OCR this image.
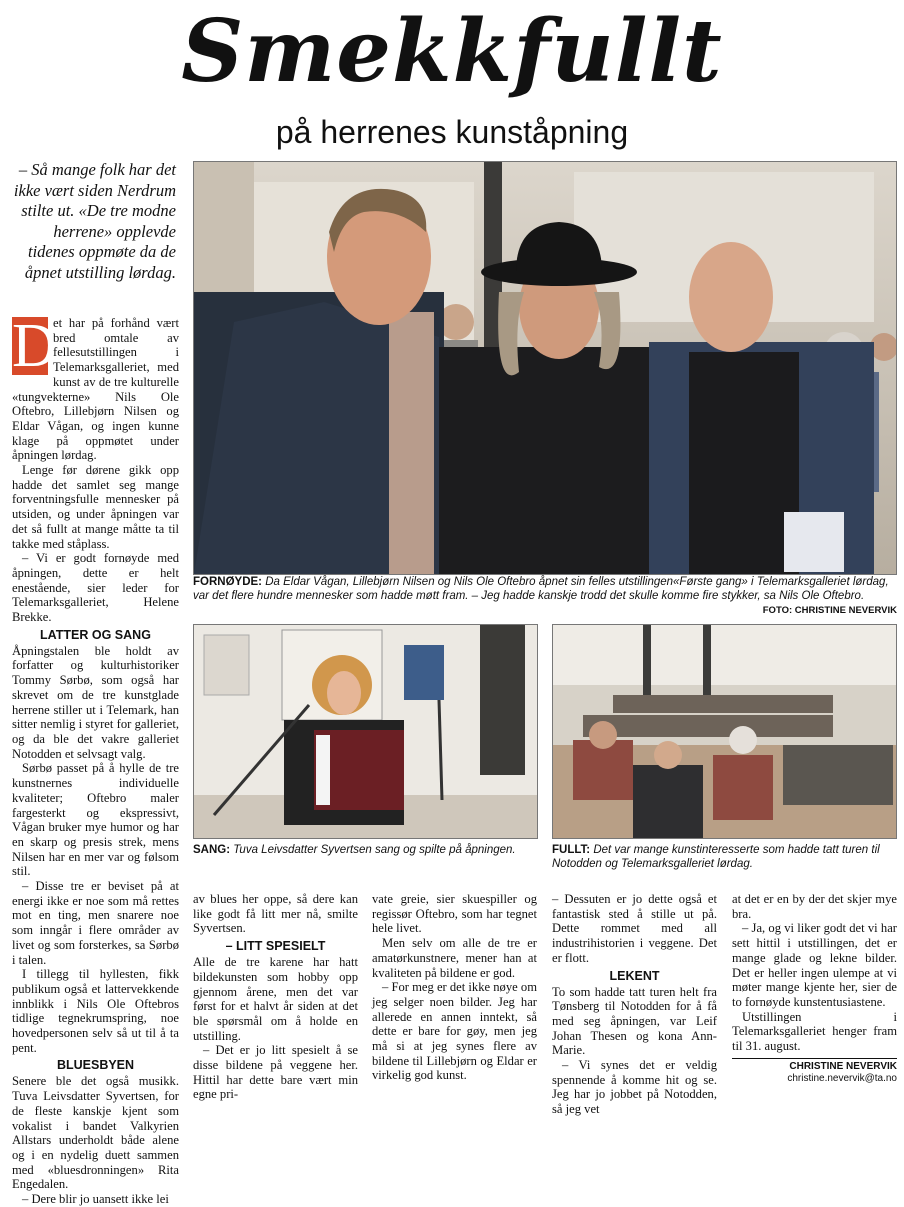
Smekkfullt
på herrenes kunståpning
– Så mange folk har det ikke vært siden Nerdrum stilte ut. «De tre modne herrene» opplevde tidenes oppmøte da de åpnet utstilling lørdag.
FORNØYDE: Da Eldar Vågan, Lillebjørn Nilsen og Nils Ole Oftebro åpnet sin felles utstillingen«Første gang» i Telemarksgalleriet lørdag, var det flere hundre mennesker som hadde møtt fram. – Jeg hadde kanskje trodd det skulle komme fire stykker, sa Nils Ole Oftebro.
FOTO: CHRISTINE NEVERVIK
SANG: Tuva Leivsdatter Syvertsen sang og spilte på åpningen.	FULLT: Det var mange kunstinteresserte som hadde tatt turen til Notodden og Telemarksgalleriet lørdag.

D
et har på forhånd vært bred omtale av fellesutstillingen i Telemarksgalleriet, med kunst av de tre kulturelle «tungvekterne» Nils Ole Oftebro, Lillebjørn Nilsen og Eldar Vågan, og ingen kunne klage på oppmøtet under åpningen lørdag.

Lenge før dørene gikk opp hadde det samlet seg mange forventningsfulle mennesker på utsiden, og under åpningen var det så fullt at mange måtte ta til takke med ståplass.

– Vi er godt fornøyde med åpningen, dette er helt enestående, sier leder for Telemarksgalleriet, Helene Brekke.

LATTER OG SANG

Åpningstalen ble holdt av forfatter og kulturhistoriker Tommy Sørbø, som også har skrevet om de tre kunstglade herrene stiller ut i Telemark, han sitter nemlig i styret for galleriet, og da ble det vakre galleriet Notodden et selvsagt valg.

Sørbø passet på å hylle de tre kunstnernes individuelle kvaliteter; Oftebro maler fargesterkt og ekspressivt, Vågan bruker mye humor og har en skarp og presis strek, mens Nilsen har en mer var og følsom stil.

– Disse tre er beviset på at energi ikke er noe som må rettes mot en ting, men snarere noe som inngår i flere områder av livet og som forsterkes, sa Sørbø i talen.

I tillegg til hyllesten, fikk publikum også et lattervekkende innblikk i Nils Ole Oftebros tidlige tegnekrumspring, noe hovedpersonen selv så ut til å ta pent.

BLUESBYEN

Senere ble det også musikk. Tuva Leivsdatter Syvertsen, for de fleste kanskje kjent som vokalist i bandet Valkyrien Allstars underholdt både alene og i en nydelig duett sammen med «bluesdronningen» Rita Engedalen.

– Dere blir jo uansett ikke lei

av blues her oppe, så dere kan like godt få litt mer nå, smilte Syvertsen.

– LITT SPESIELT

Alle de tre karene har hatt bildekunsten som hobby opp gjennom årene, men det var først for et halvt år siden at det ble spørsmål om å holde en utstilling.

– Det er jo litt spesielt å se disse bildene på veggene her. Hittil har dette bare vært min egne pri-

vate greie, sier skuespiller og regissør Oftebro, som har tegnet hele livet.

Men selv om alle de tre er amatørkunstnere, mener han at kvaliteten på bildene er god.

– For meg er det ikke nøye om jeg selger noen bilder. Jeg har allerede en annen inntekt, så dette er bare for gøy, men jeg må si at jeg synes flere av bildene til Lillebjørn og Eldar er virkelig god kunst.

– Dessuten er jo dette også et fantastisk sted å stille ut på. Dette rommet med all industrihistorien i veggene. Det er flott.

LEKENT

To som hadde tatt turen helt fra Tønsberg til Notodden for å få med seg åpningen, var Leif Johan Thesen og kona Ann-Marie.

– Vi synes det er veldig spennende å komme hit og se. Jeg har jo jobbet på Notodden, så jeg vet

at det er en by der det skjer mye bra.

– Ja, og vi liker godt det vi har sett hittil i utstillingen, det er mange glade og lekne bilder. Det er heller ingen ulempe at vi møter mange kjente her, sier de to fornøyde kunstentusiastene.

Utstillingen i Telemarksgalleriet henger fram til 31. august.

CHRISTINE NEVERVIK
christine.nevervik@ta.no
